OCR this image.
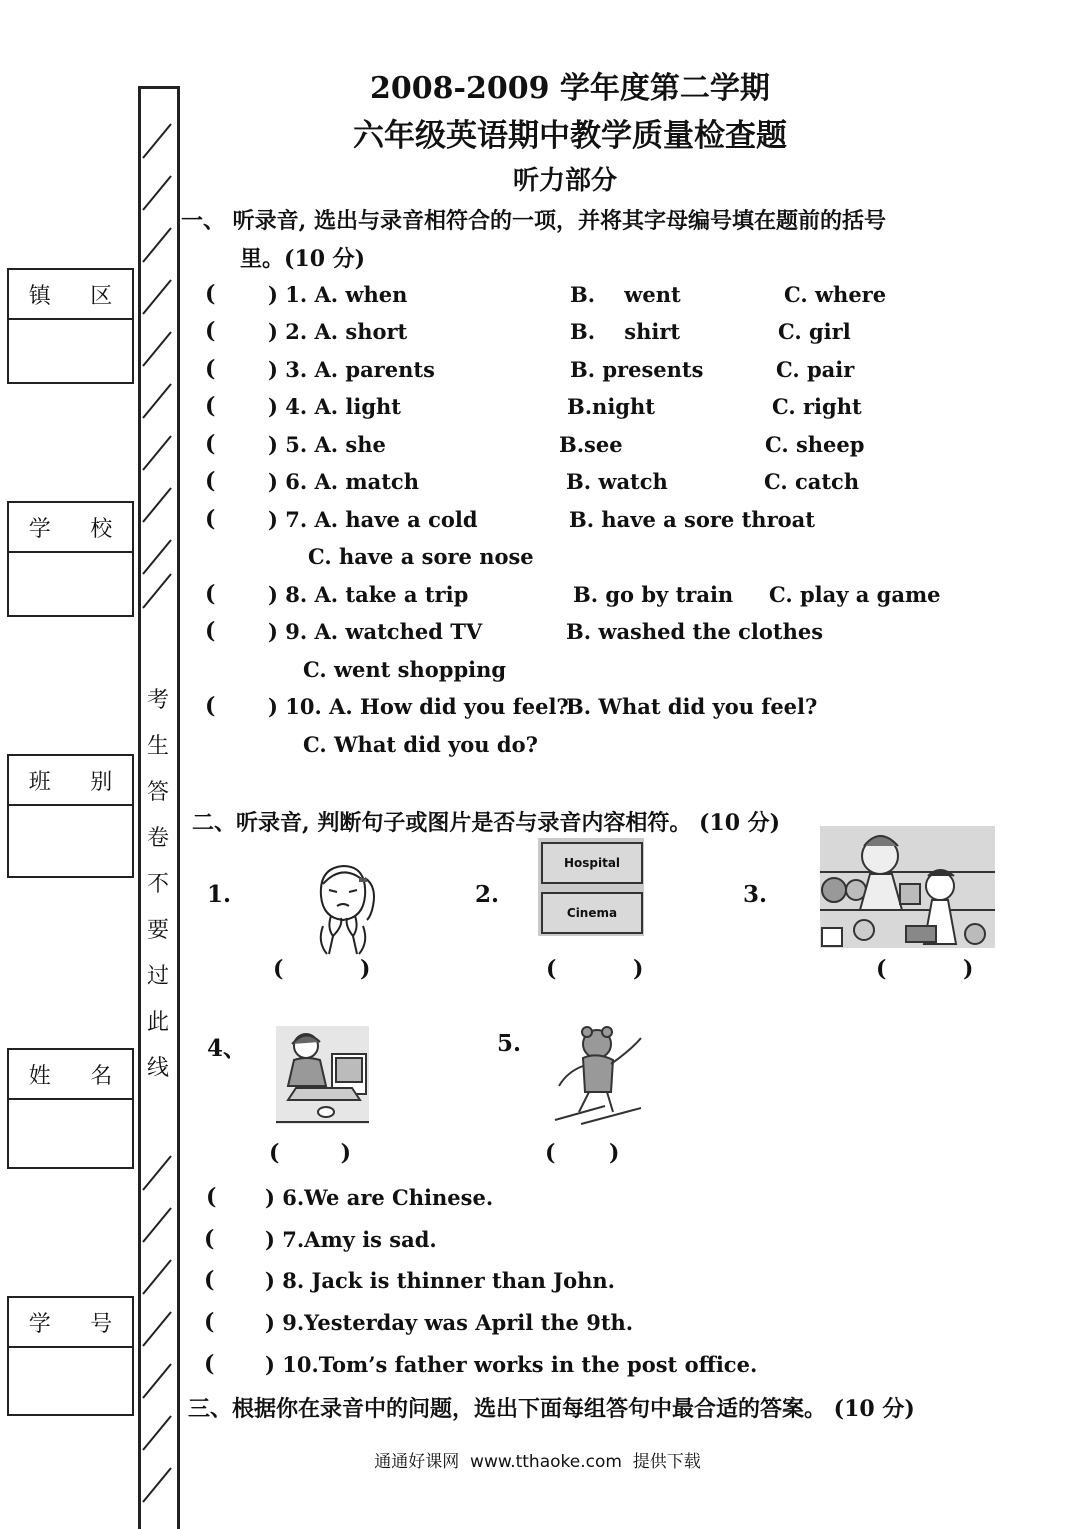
镇 区
学 校
班 别
姓 名
学 号
考
生
答
卷
不
要
过
此
线
2008-2009 学年度第二学期
六年级英语期中教学质量检查题
听力部分
一、 听录音, 选出与录音相符合的一项，并将其字母编号填在题前的括号
里。(10 分)
(	) 1. A. when	B.    went	C. where
(	) 2. A. short	B.    shirt	C. girl
(	) 3. A. parents	B. presents	C. pair
(	) 4. A. light	B.night	C. right
(	) 5. A. she	B.see	C. sheep
(	) 6. A. match	B. watch	C. catch
(	) 7. A. have a cold	B. have a sore throat
C. have a sore nose
(	) 8. A. take a trip	B. go by train C. play a game
(	) 9. A. watched TV	B. washed the clothes
C. went shopping
(	) 10. A. How did you feel?
B. What did you feel?
C. What did you do?
二、听录音, 判断句子或图片是否与录音内容相符。 (10 分)
1.	2.	3.
4、	5.
Hospital
Cinema
(          )	(          )	(          )
(        )	(       )
( ) 6.We are Chinese.
( ) 7.Amy is sad.
( ) 8. Jack is thinner than John.
( ) 9.Yesterday was April the 9th.
( ) 10.Tom’s father works in the post office.
三、根据你在录音中的问题，选出下面每组答句中最合适的答案。 (10 分)
通通好课网  www.tthaoke.com  提供下载
